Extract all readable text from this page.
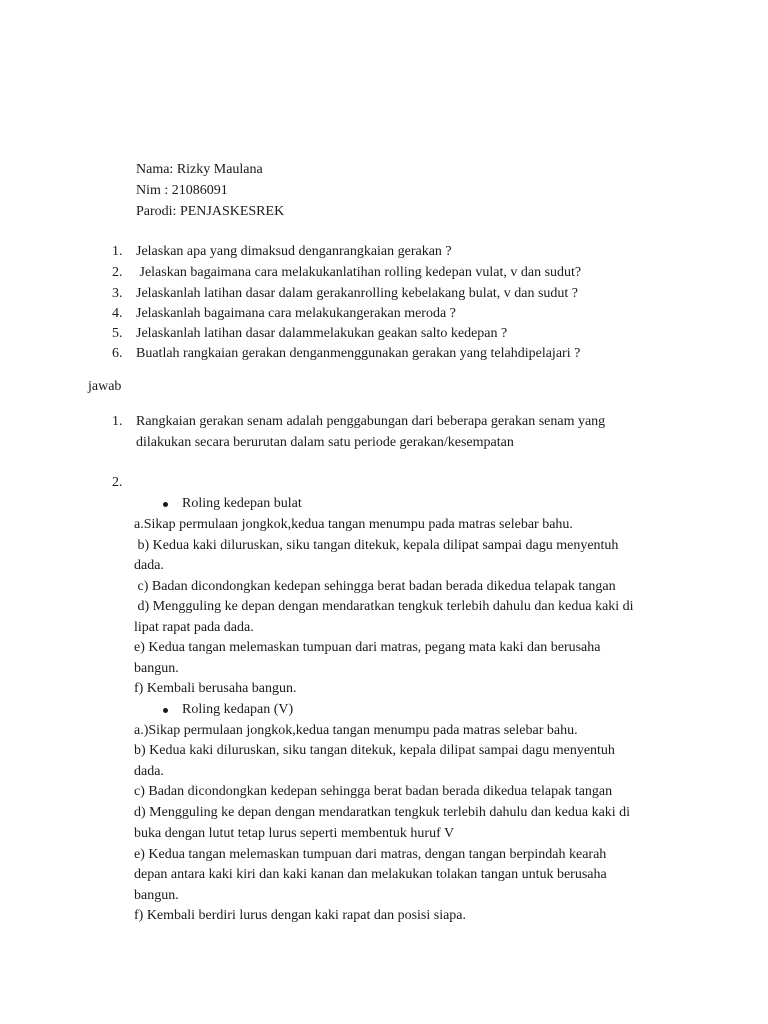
Nama: Rizky Maulana
Nim : 21086091
Parodi: PENJASKESREK
1. Jelaskan apa yang dimaksud denganrangkaian gerakan ?
2. Jelaskan bagaimana cara melakukanlatihan rolling kedepan vulat, v dan sudut?
3. Jelaskanlah latihan dasar dalam gerakanrolling kebelakang bulat, v dan sudut ?
4. Jelaskanlah bagaimana cara melakukangerakan meroda ?
5. Jelaskanlah latihan dasar dalammelakukan geakan salto kedepan ?
6. Buatlah rangkaian gerakan denganmenggunakan gerakan yang telahdipelajari ?
jawab
1. Rangkaian gerakan senam adalah penggabungan dari beberapa gerakan senam yang
dilakukan secara berurutan dalam satu periode gerakan/kesempatan
2.
Roling kedepan bulat
a.Sikap permulaan jongkok,kedua tangan menumpu pada matras selebar bahu.
b) Kedua kaki diluruskan, siku tangan ditekuk, kepala dilipat sampai dagu menyentuh
dada.
c) Badan dicondongkan kedepan sehingga berat badan berada dikedua telapak tangan
d) Mengguling ke depan dengan mendaratkan tengkuk terlebih dahulu dan kedua kaki di
lipat rapat pada dada.
e) Kedua tangan melemaskan tumpuan dari matras, pegang mata kaki dan berusaha
bangun.
f) Kembali berusaha bangun.
Roling kedapan (V)
a.)Sikap permulaan jongkok,kedua tangan menumpu pada matras selebar bahu.
b) Kedua kaki diluruskan, siku tangan ditekuk, kepala dilipat sampai dagu menyentuh
dada.
c) Badan dicondongkan kedepan sehingga berat badan berada dikedua telapak tangan
d) Mengguling ke depan dengan mendaratkan tengkuk terlebih dahulu dan kedua kaki di
buka dengan lutut tetap lurus seperti membentuk huruf V
e) Kedua tangan melemaskan tumpuan dari matras, dengan tangan berpindah kearah
depan antara kaki kiri dan kaki kanan dan melakukan tolakan tangan untuk berusaha
bangun.
f) Kembali berdiri lurus dengan kaki rapat dan posisi siapa.
